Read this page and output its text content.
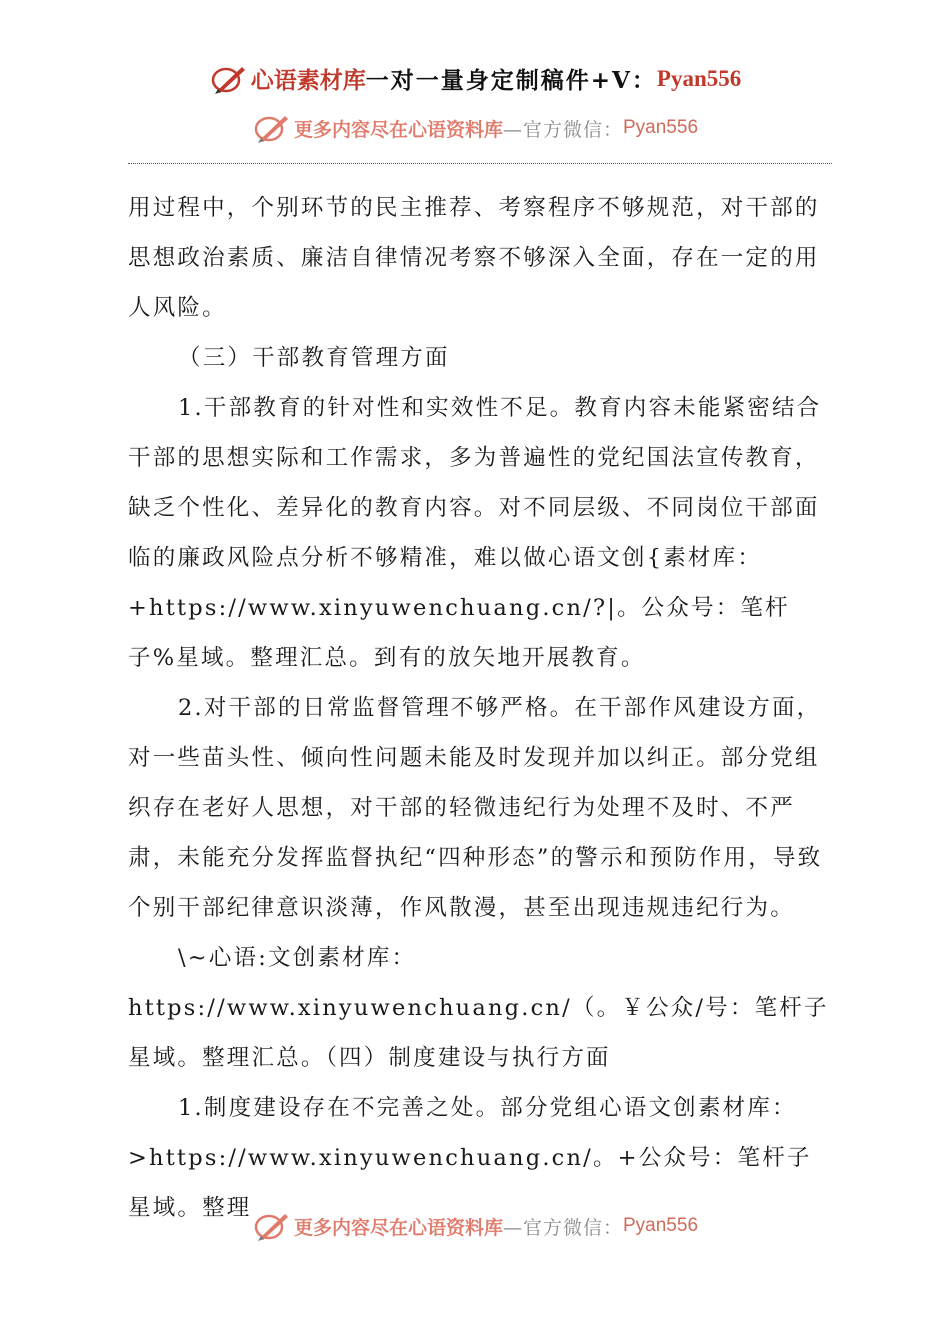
心语素材库 一对一量身定制稿件+V： Pyan556
更多内容尽在心语资料库 —官方微信： Pyan556

用过程中，个别环节的民主推荐、考察程序不够规范，对干部的思想政治素质、廉洁自律情况考察不够深入全面，存在一定的用人风险。

（三）干部教育管理方面

1.干部教育的针对性和实效性不足。教育内容未能紧密结合干部的思想实际和工作需求，多为普遍性的党纪国法宣传教育，缺乏个性化、差异化的教育内容。对不同层级、不同岗位干部面临的廉政风险点分析不够精准，难以做心语文创{素材库：+https://www.xinyuwenchuang.cn/?|。公众号：笔杆子%星域。整理汇总。到有的放矢地开展教育。

2.对干部的日常监督管理不够严格。在干部作风建设方面，对一些苗头性、倾向性问题未能及时发现并加以纠正。部分党组织存在老好人思想，对干部的轻微违纪行为处理不及时、不严肃，未能充分发挥监督执纪“四种形态”的警示和预防作用，导致个别干部纪律意识淡薄，作风散漫，甚至出现违规违纪行为。

\~心语:文创素材库：https://www.xinyuwenchuang.cn/（。￥公众/号：笔杆子星域。整理汇总。（四）制度建设与执行方面

1.制度建设存在不完善之处。部分党组心语文创素材库：>https://www.xinyuwenchuang.cn/。+公众号：笔杆子星域。整理

更多内容尽在心语资料库 —官方微信： Pyan556
